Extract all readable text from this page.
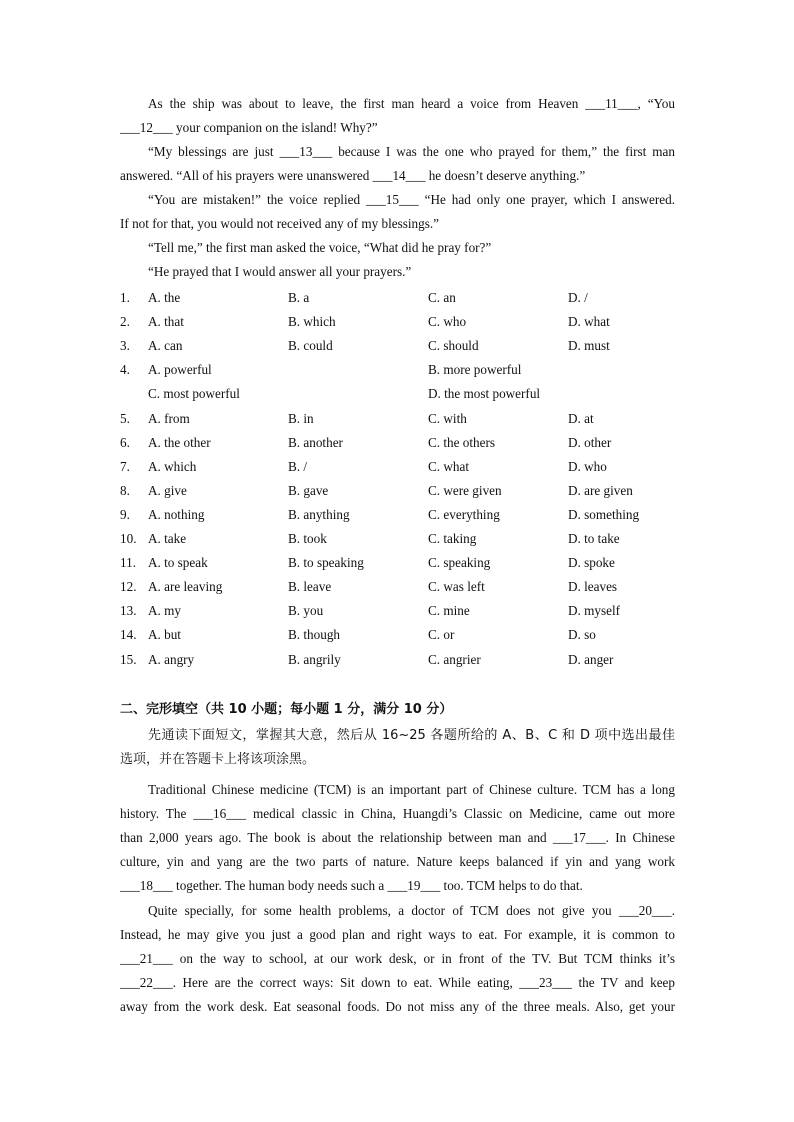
As the ship was about to leave, the first man heard a voice from Heaven ___11___, “You
___12___ your companion on the island! Why?”
“My blessings are just ___13___ because I was the one who prayed for them,” the first man
answered. “All of his prayers were unanswered ___14___ he doesn’t deserve anything.”
“You are mistaken!” the voice replied ___15___ “He had only one prayer, which I answered.
If not for that, you would not received any of my blessings.”
“Tell me,” the first man asked the voice, “What did he pray for?”
“He prayed that I would answer all your prayers.”
1. A. the	B. a	C. an	D. /
2. A. that	B. which	C. who	D. what
3. A. can	B. could	C. should	D. must
4. A. powerful	B. more powerful
C. most powerful	D. the most powerful
5. A. from	B. in	C. with	D. at
6. A. the other	B. another	C. the others	D. other
7. A. which	B. /	C. what	D. who
8. A. give	B. gave	C. were given	D. are given
9. A. nothing	B. anything	C. everything	D. something
10. A. take	B. took	C. taking	D. to take
11. A. to speak	B. to speaking	C. speaking	D. spoke
12. A. are leaving	B. leave	C. was left	D. leaves
13. A. my	B. you	C. mine	D. myself
14. A. but	B. though	C. or	D. so
15. A. angry	B. angrily	C. angrier	D. anger
二、完形填空（共 10 小题；每小题 1 分，满分 10 分）
先通读下面短文，掌握其大意，然后从 16~25 各题所给的 A、B、C 和 D 项中选出最佳
选项，并在答题卡上将该项涂黑。
Traditional Chinese medicine (TCM) is an important part of Chinese culture. TCM has a long
history. The ___16___ medical classic in China, Huangdi’s Classic on Medicine, came out more
than 2,000 years ago. The book is about the relationship between man and ___17___. In Chinese
culture, yin and yang are the two parts of nature. Nature keeps balanced if yin and yang work
___18___ together. The human body needs such a ___19___ too. TCM helps to do that.
Quite specially, for some health problems, a doctor of TCM does not give you ___20___.
Instead, he may give you just a good plan and right ways to eat. For example, it is common to
___21___ on the way to school, at our work desk, or in front of the TV. But TCM thinks it’s
___22___. Here are the correct ways: Sit down to eat. While eating, ___23___ the TV and keep
away from the work desk. Eat seasonal foods. Do not miss any of the three meals. Also, get your
